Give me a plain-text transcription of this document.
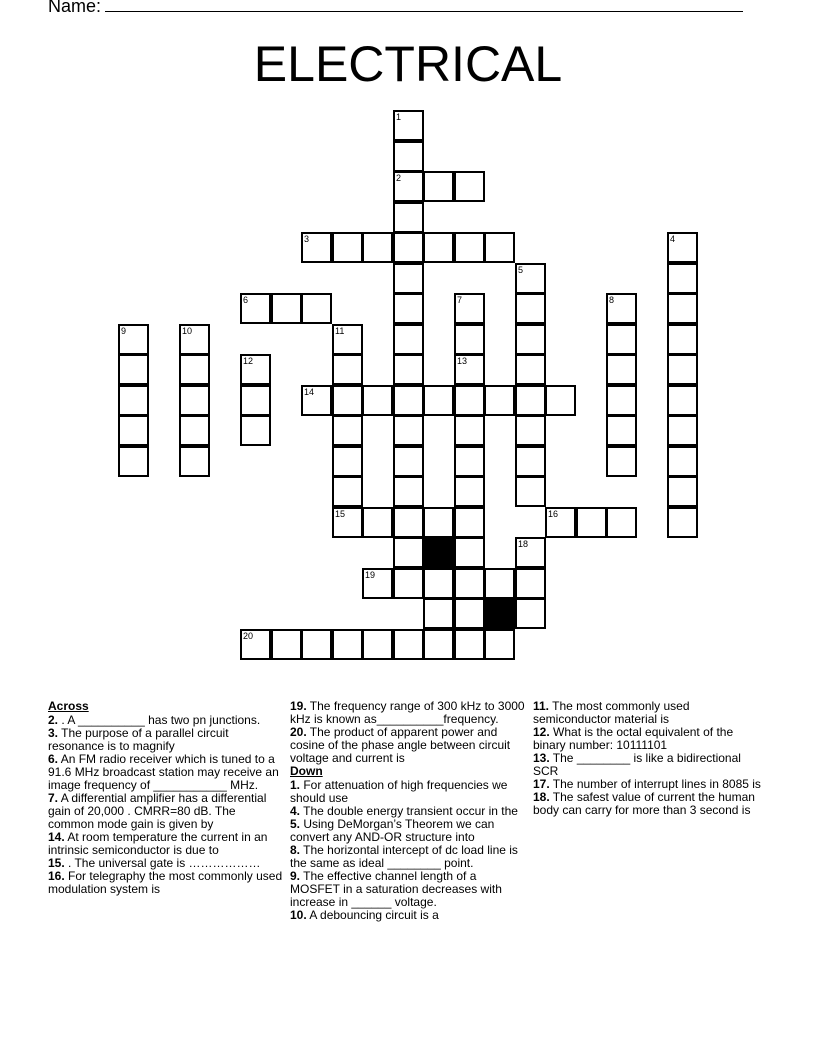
Name:
ELECTRICAL
2
3
6
14
15	16
19
20
1
4
5
7	8
9	10	11
12	13
18
Across
2. . A __________ has two pn junctions.
3. The purpose of a parallel circuit resonance is to magnify
6. An FM radio receiver which is tuned to a 91.6 MHz broadcast station may receive an image frequency of ___________ MHz.
7. A differential amplifier has a differential gain of 20,000 . CMRR=80 dB. The common mode gain is given by
14. At room temperature the current in an intrinsic semiconductor is due to
15. . The universal gate is ………………
16. For telegraphy the most commonly used modulation system is
19. The frequency range of 300 kHz to 3000 kHz is known as__________frequency.
20. The product of apparent power and cosine of the phase angle between circuit voltage and current is
Down
1. For attenuation of high frequencies we should use
4. The double energy transient occur in the
5. Using DeMorgan’s Theorem we can convert any AND-OR structure into
8. The horizontal intercept of dc load line is the same as ideal ________ point.
9. The effective channel length of a MOSFET in a saturation decreases with increase in ______ voltage.
10. A debouncing circuit is a
11. The most commonly used semiconductor material is
12. What is the octal equivalent of the binary number: 10111101
13. The ________ is like a bidirectional SCR
17. The number of interrupt lines in 8085 is
18. The safest value of current the human body can carry for more than 3 second is
